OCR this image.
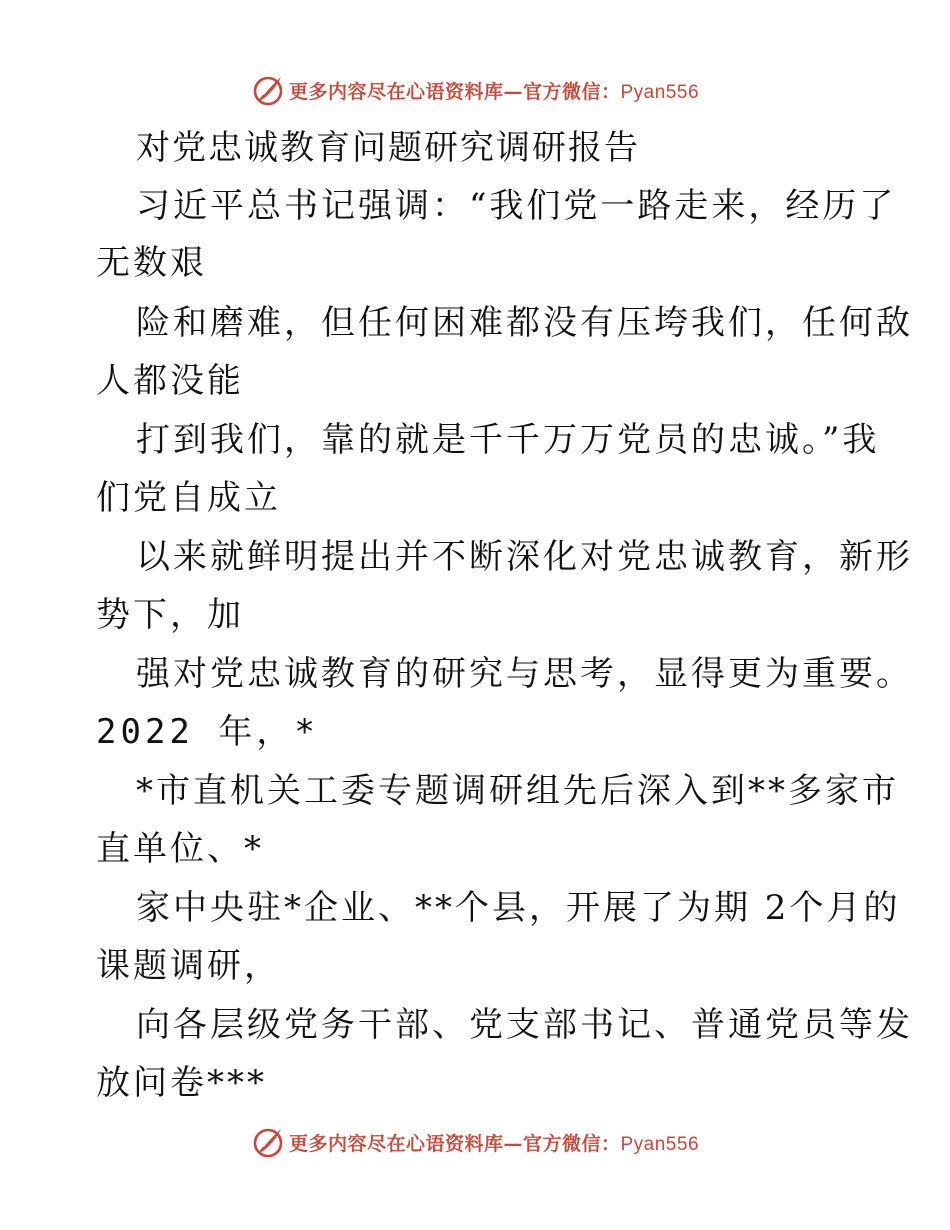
更多内容尽在心语资料库—官方微信：Pyan556
对党忠诚教育问题研究调研报告
习近平总书记强调：“我们党一路走来，经历了
无数艰
险和磨难，但任何困难都没有压垮我们，任何敌
人都没能
打到我们，靠的就是千千万万党员的忠诚。”我
们党自成立
以来就鲜明提出并不断深化对党忠诚教育，新形
势下，加
强对党忠诚教育的研究与思考，显得更为重要。
2022 年，*
*市直机关工委专题调研组先后深入到**多家市
直单位、*
家中央驻*企业、**个县，开展了为期 2个月的
课题调研，
向各层级党务干部、党支部书记、普通党员等发
放问卷***
更多内容尽在心语资料库—官方微信：Pyan556
